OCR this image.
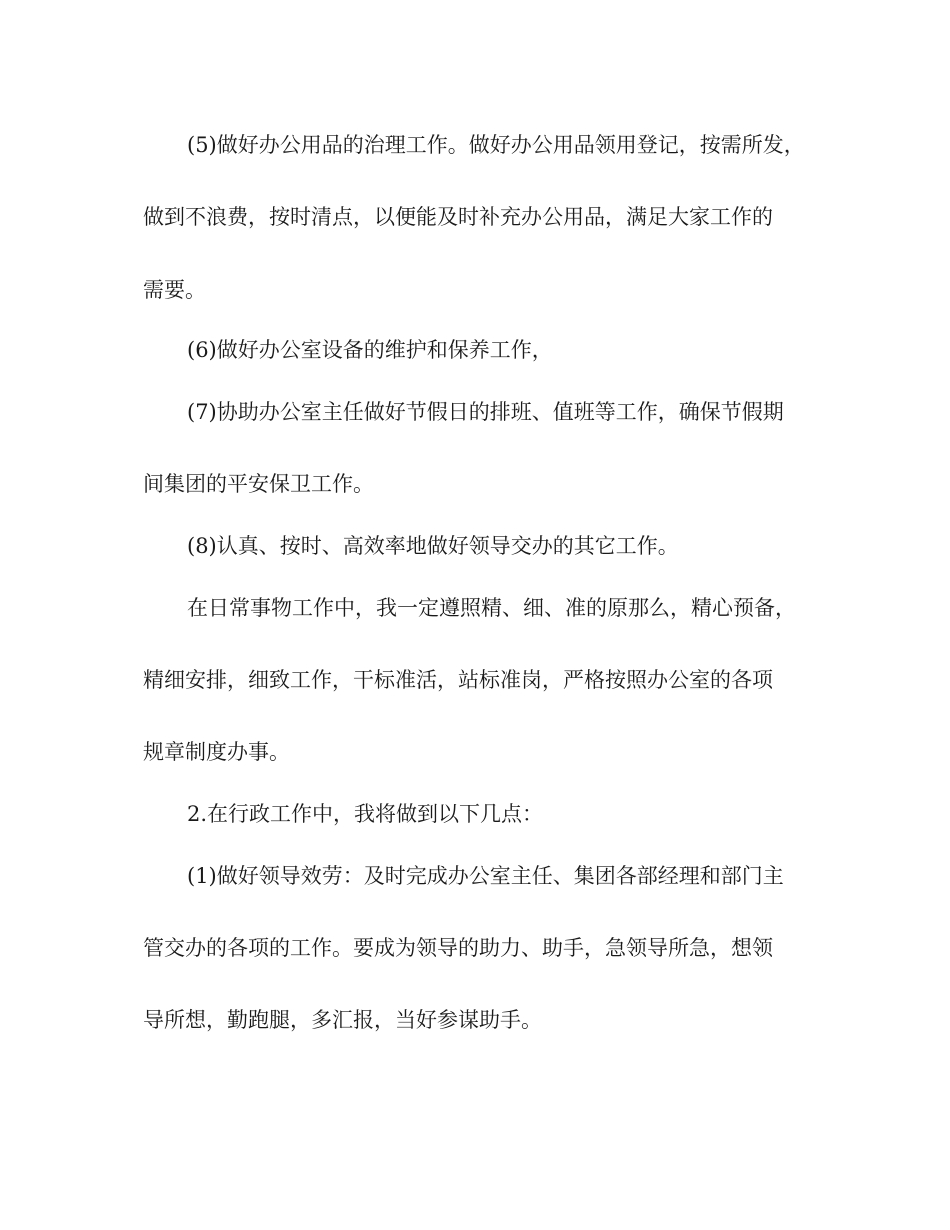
(5)做好办公用品的治理工作。做好办公用品领用登记，按需所发，
做到不浪费，按时清点，以便能及时补充办公用品，满足大家工作的
需要。
(6)做好办公室设备的维护和保养工作，
(7)协助办公室主任做好节假日的排班、值班等工作，确保节假期
间集团的平安保卫工作。
(8)认真、按时、高效率地做好领导交办的其它工作。
在日常事物工作中，我一定遵照精、细、准的原那么，精心预备，
精细安排，细致工作，干标准活，站标准岗，严格按照办公室的各项
规章制度办事。
2.在行政工作中，我将做到以下几点：
(1)做好领导效劳：及时完成办公室主任、集团各部经理和部门主
管交办的各项的工作。要成为领导的助力、助手，急领导所急，想领
导所想，勤跑腿，多汇报，当好参谋助手。
